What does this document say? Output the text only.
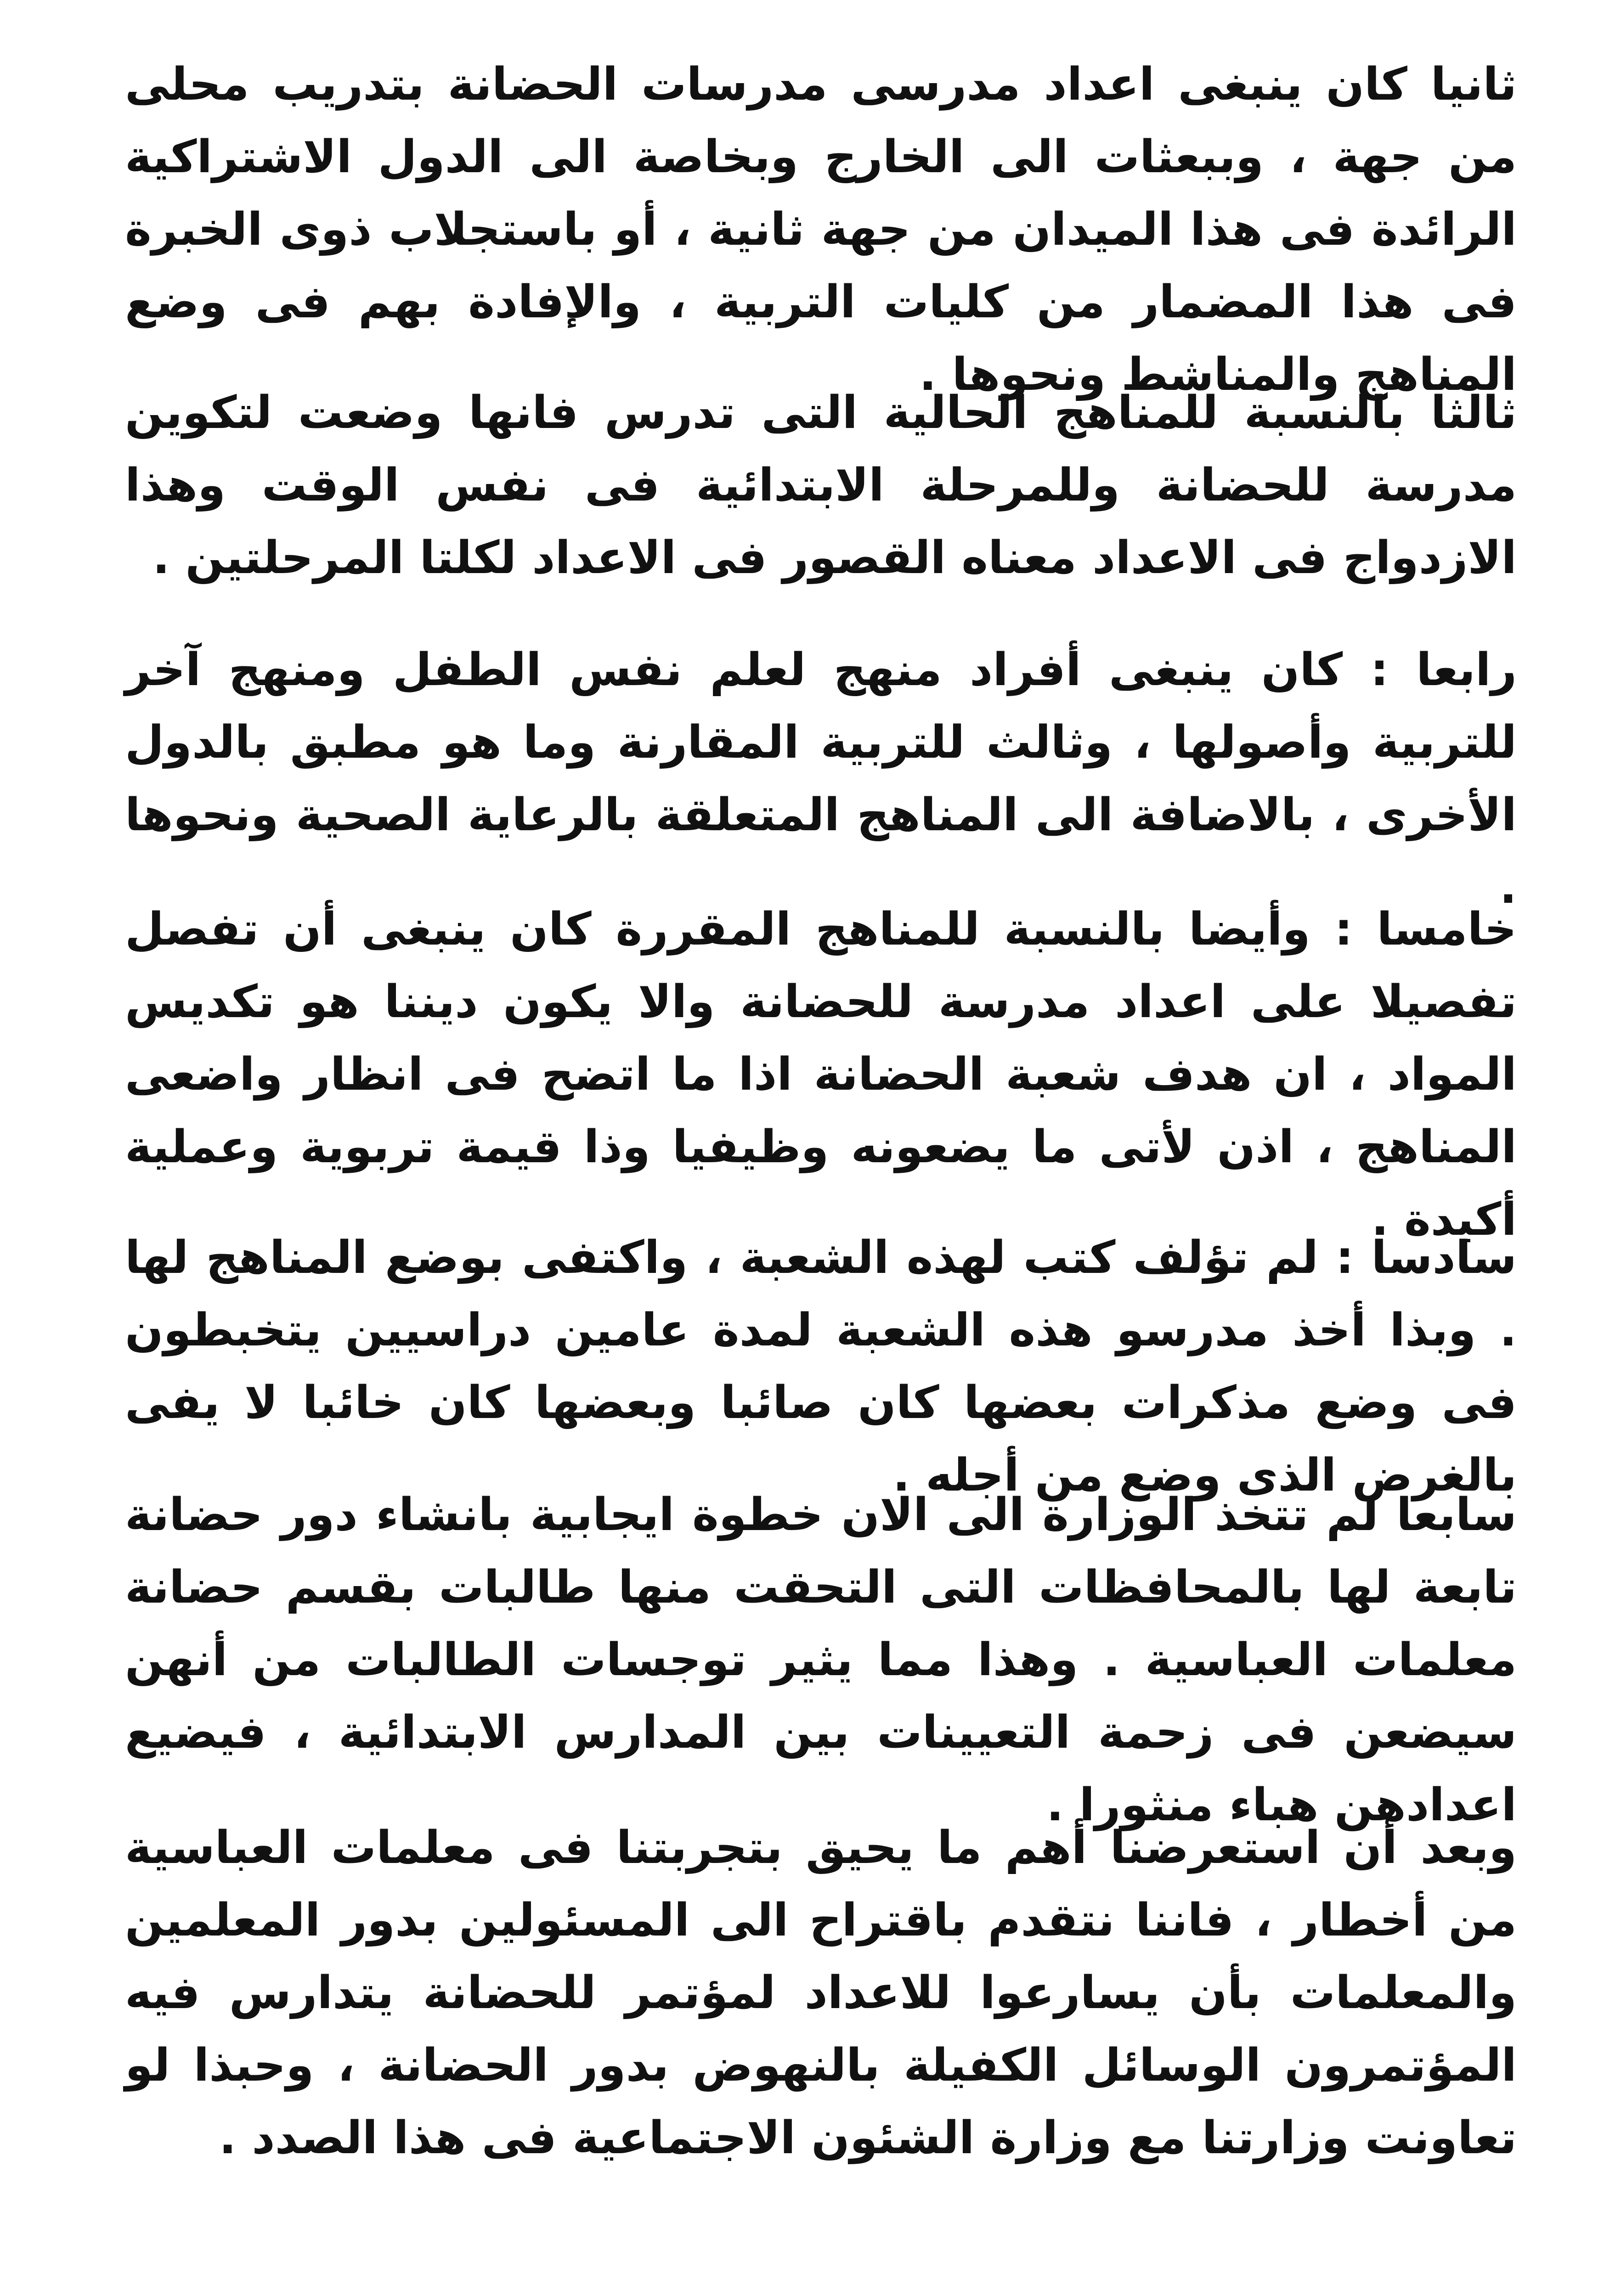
ثانيا كان ينبغى اعداد مدرسى مدرسات الحضانة بتدريب محلى من جهة ، وببعثات الى الخارج وبخاصة الى الدول الاشتراكية الرائدة فى هذا الميدان من جهة ثانية ، أو باستجلاب ذوى الخبرة فى هذا المضمار من كليات التربية ، والإفادة بهم فى وضع المناهج والمناشط ونحوها .

ثالثا بالنسبة للمناهج الحالية التى تدرس فانها وضعت لتكوين مدرسة للحضانة وللمرحلة الابتدائية فى نفس الوقت وهذا الازدواج فى الاعداد معناه القصور فى الاعداد لكلتا المرحلتين .

رابعا : كان ينبغى أفراد منهج لعلم نفس الطفل ومنهج آخر للتربية وأصولها ، وثالث للتربية المقارنة وما هو مطبق بالدول الأخرى ، بالاضافة الى المناهج المتعلقة بالرعاية الصحية ونحوها .

خامسا : وأيضا بالنسبة للمناهج المقررة كان ينبغى أن تفصل تفصيلا على اعداد مدرسة للحضانة والا يكون ديننا هو تكديس المواد ، ان هدف شعبة الحضانة اذا ما اتضح فى انظار واضعى المناهج ، اذن لأتى ما يضعونه وظيفيا وذا قيمة تربوية وعملية أكيدة .

سادسا : لم تؤلف كتب لهذه الشعبة ، واكتفى بوضع المناهج لها . وبذا أخذ مدرسو هذه الشعبة لمدة عامين دراسيين يتخبطون فى وضع مذكرات بعضها كان صائبا وبعضها كان خائبا لا يفى بالغرض الذى وضع من أجله .

سابعا لم تتخذ الوزارة الى الان خطوة ايجابية بانشاء دور حضانة تابعة لها بالمحافظات التى التحقت منها طالبات بقسم حضانة معلمات العباسية . وهذا مما يثير توجسات الطالبات من أنهن سيضعن فى زحمة التعيينات بين المدارس الابتدائية ، فيضيع اعدادهن هباء منثورا .

وبعد أن استعرضنا أهم ما يحيق بتجربتنا فى معلمات العباسية من أخطار ، فاننا نتقدم باقتراح الى المسئولين بدور المعلمين والمعلمات بأن يسارعوا للاعداد لمؤتمر للحضانة يتدارس فيه المؤتمرون الوسائل الكفيلة بالنهوض بدور الحضانة ، وحبذا لو تعاونت وزارتنا مع وزارة الشئون الاجتماعية فى هذا الصدد .
